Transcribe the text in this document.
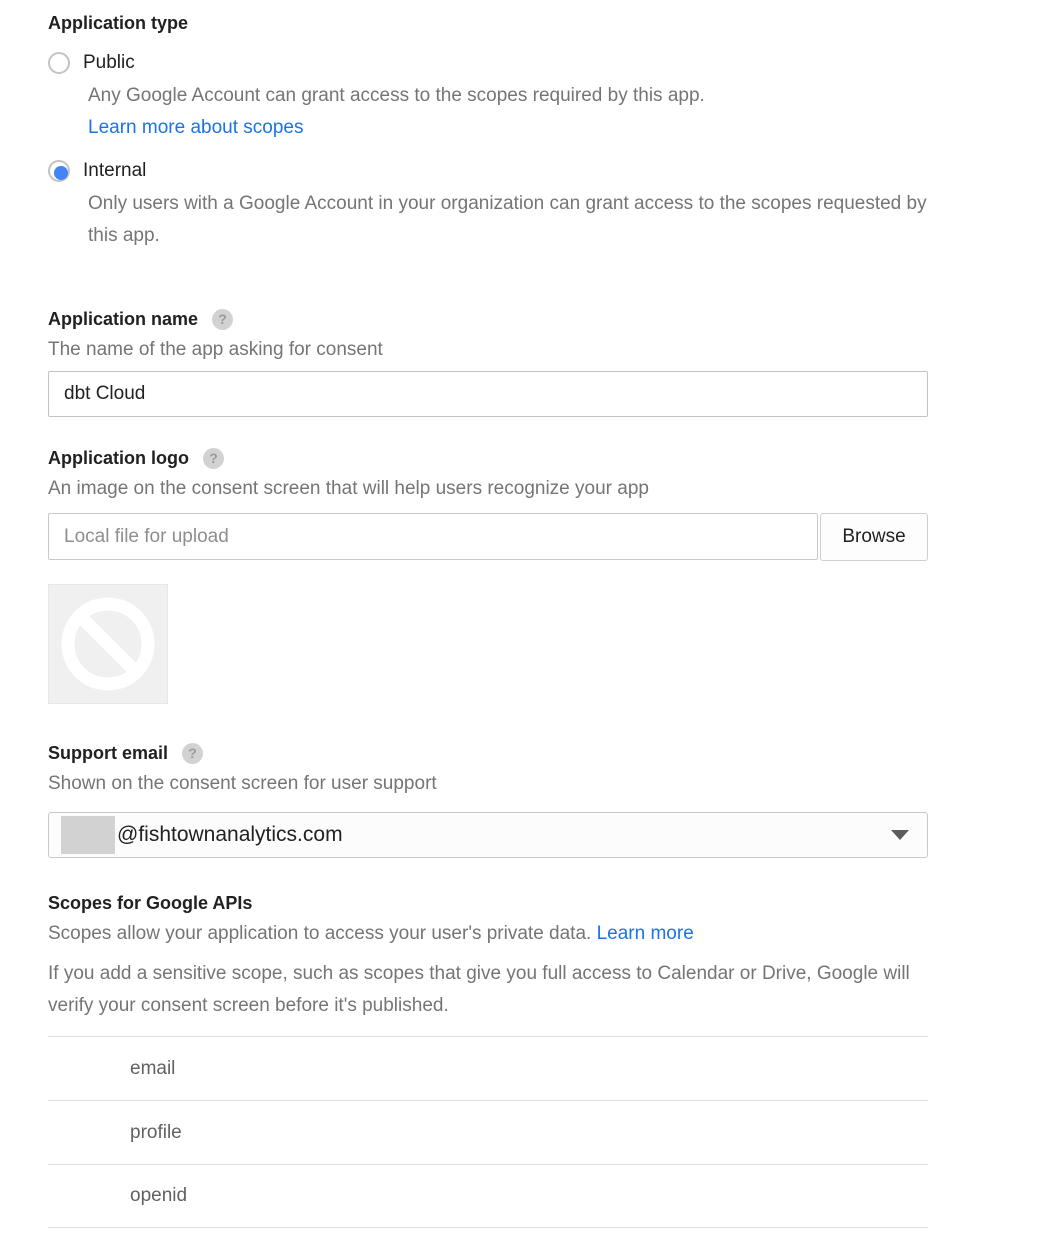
Application type
Public
Any Google Account can grant access to the scopes required by this app.
Learn more about scopes
Internal
Only users with a Google Account in your organization can grant access to the scopes requested by this app.
Application name	?
The name of the app asking for consent
dbt Cloud
Application logo	?
An image on the consent screen that will help users recognize your app
Local file for upload
Browse
Support email	?
Shown on the consent screen for user support
@fishtownanalytics.com
Scopes for Google APIs
Scopes allow your application to access your user's private data. Learn more
If you add a sensitive scope, such as scopes that give you full access to Calendar or Drive, Google will verify your consent screen before it's published.
email
profile
openid
